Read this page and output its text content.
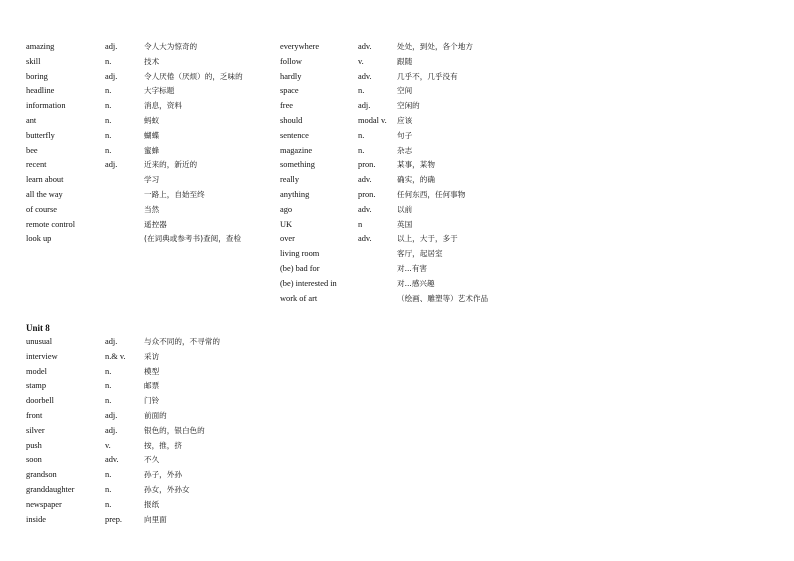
amazing	adj.	令人大为惊奇的
skill	n.	技术
boring	adj.	令人厌倦（厌烦）的，乏味的
headline	n.	大字标题
information	n.	消息，资料
ant	n.	蚂蚁
butterfly	n.	蝴蝶
bee	n.	蜜蜂
recent	adj.	近来的，新近的
learn about	学习
all the way	一路上，自始至终
of course	当然
remote control	遥控器
look up	(在词典或参考书)查阅，查检
everywhere	adv.	处处，到处，各个地方
follow	v.	跟随
hardly	adv.	几乎不，几乎没有
space	n.	空间
free	adj.	空闲的
should	modal v. 应该
sentence	n.	句子
magazine	n.	杂志
something	pron.	某事，某物
really	adv.	确实，的确
anything	pron.	任何东西，任何事物
ago	adv.	以前
UK	n	英国
over	adv.	以上，大于，多于
living room	客厅，起居室
(be) bad for	对...有害
(be) interested in	对...感兴趣
work of art	（绘画、雕塑等）艺术作品
Unit 8
unusual	adj.	与众不同的，不寻常的
interview	n.& v. 采访
model	n.	模型
stamp	n.	邮票
doorbell	n.	门铃
front	adj.	前面的
silver	adj.	银色的，银白色的
push	v.	按，推，挤
soon	adv.	不久
grandson	n.	孙子，外孙
granddaughter	n.	孙女，外孙女
newspaper	n.	报纸
inside	prep.	向里面
